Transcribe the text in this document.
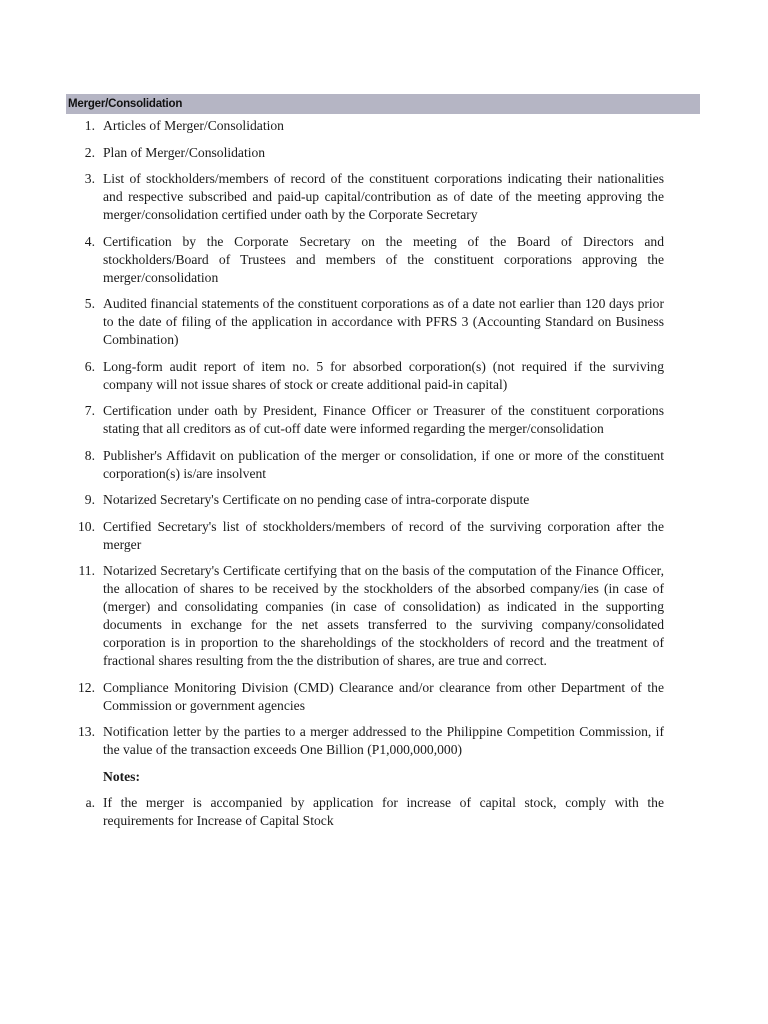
Merger/Consolidation
1. Articles of Merger/Consolidation
2. Plan of Merger/Consolidation
3. List of stockholders/members of record of the constituent corporations indicating their nationalities and respective subscribed and paid-up capital/contribution as of date of the meeting approving the merger/consolidation certified under oath by the Corporate Secretary
4. Certification by the Corporate Secretary on the meeting of the Board of Directors and stockholders/Board of Trustees and members of the constituent corporations approving the merger/consolidation
5. Audited financial statements of the constituent corporations as of a date not earlier than 120 days prior to the date of filing of the application in accordance with PFRS 3 (Accounting Standard on Business Combination)
6. Long-form audit report of item no. 5 for absorbed corporation(s) (not required if the surviving company will not issue shares of stock or create additional paid-in capital)
7. Certification under oath by President, Finance Officer or Treasurer of the constituent corporations stating that all creditors as of cut-off date were informed regarding the merger/consolidation
8. Publisher's Affidavit on publication of the merger or consolidation, if one or more of the constituent corporation(s) is/are insolvent
9. Notarized Secretary's Certificate on no pending case of intra-corporate dispute
10. Certified Secretary's list of stockholders/members of record of the surviving corporation after the merger
11. Notarized Secretary's Certificate certifying that on the basis of the computation of the Finance Officer, the allocation of shares to be received by the stockholders of the absorbed company/ies (in case of (merger) and consolidating companies (in case of consolidation) as indicated in the supporting documents in exchange for the net assets transferred to the surviving company/consolidated corporation is in proportion to the shareholdings of the stockholders of record and the treatment of fractional shares resulting from the the distribution of shares, are true and correct.
12. Compliance Monitoring Division (CMD) Clearance and/or clearance from other Department of the Commission or government agencies
13. Notification letter by the parties to a merger addressed to the Philippine Competition Commission, if the value of the transaction exceeds One Billion (P1,000,000,000)
Notes:
a. If the merger is accompanied by application for increase of capital stock, comply with the requirements for Increase of Capital Stock
